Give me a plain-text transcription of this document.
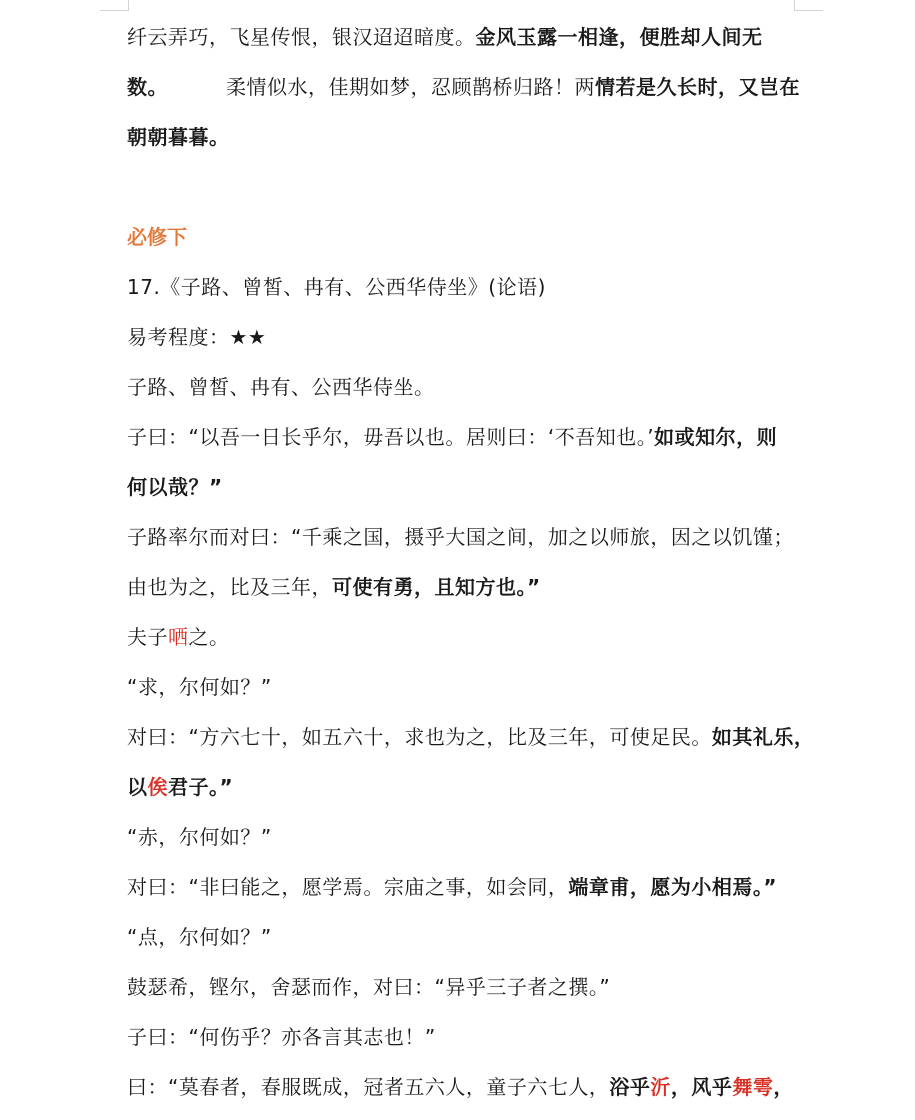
纤云弄巧，飞星传恨，银汉迢迢暗度。金风玉露一相逢，便胜却人间无
数。	柔情似水，佳期如梦，忍顾鹊桥归路！两情若是久长时，又岂在
朝朝暮暮。

必修下
17.《子路、曾皙、冉有、公西华侍坐》(论语)
易考程度：★★
子路、曾皙、冉有、公西华侍坐。
子曰：“以吾一日长乎尔，毋吾以也。居则曰：‘不吾知也。’如或知尔，则
何以哉？”
子路率尔而对曰：“千乘之国，摄乎大国之间，加之以师旅，因之以饥馑；
由也为之，比及三年，可使有勇，且知方也。”
夫子哂之。
“求，尔何如？”
对曰：“方六七十，如五六十，求也为之，比及三年，可使足民。如其礼乐，
以俟君子。”
“赤，尔何如？”
对曰：“非曰能之，愿学焉。宗庙之事，如会同，端章甫，愿为小相焉。”
“点，尔何如？”
鼓瑟希，铿尔，舍瑟而作，对曰：“异乎三子者之撰。”
子曰：“何伤乎？亦各言其志也！”
曰：“莫春者，春服既成，冠者五六人，童子六七人，浴乎沂，风乎舞雩，
